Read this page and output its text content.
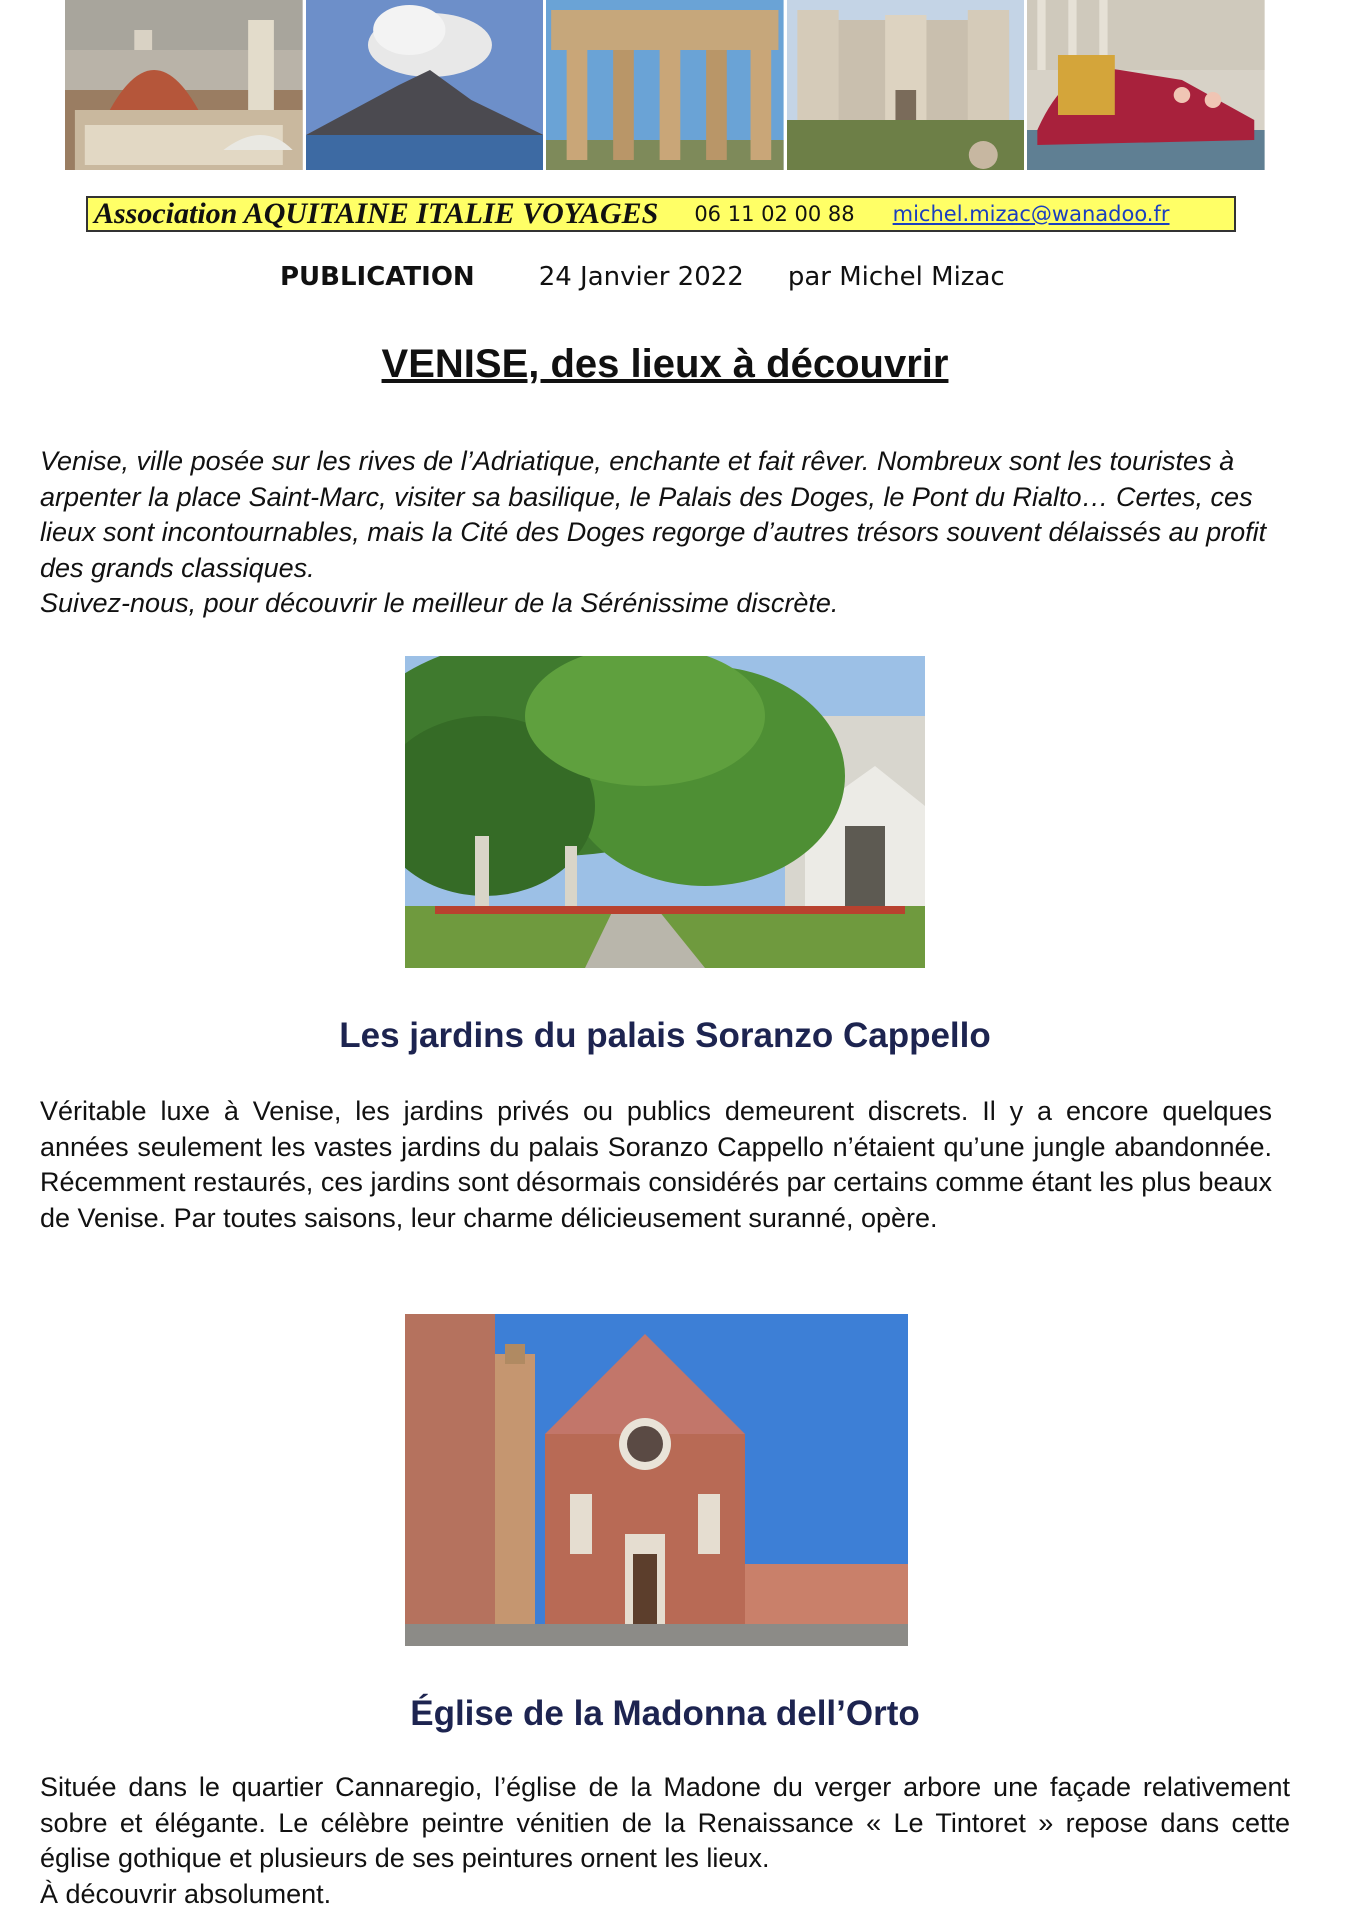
Association AQUITAINE ITALIE VOYAGES 06 11 02 00 88 michel.mizac@wanadoo.fr
PUBLICATION 24 Janvier 2022 par Michel Mizac
VENISE, des lieux à découvrir

Venise, ville posée sur les rives de l’Adriatique, enchante et fait rêver. Nombreux sont les touristes à arpenter la place Saint-Marc, visiter sa basilique, le Palais des Doges, le Pont du Rialto… Certes, ces lieux sont incontournables, mais la Cité des Doges regorge d’autres trésors souvent délaissés au profit des grands classiques.

Suivez-nous, pour découvrir le meilleur de la Sérénissime discrète.

Les jardins du palais Soranzo Cappello

Véritable luxe à Venise, les jardins privés ou publics demeurent discrets. Il y a encore quelques années seulement les vastes jardins du palais Soranzo Cappello n’étaient qu’une jungle abandonnée. Récemment restaurés, ces jardins sont désormais considérés par certains comme étant les plus beaux de Venise. Par toutes saisons, leur charme délicieusement suranné, opère.

Église de la Madonna dell’Orto

Située dans le quartier Cannaregio, l’église de la Madone du verger arbore une façade relativement sobre et élégante. Le célèbre peintre vénitien de la Renaissance « Le Tintoret » repose dans cette église gothique et plusieurs de ses peintures ornent les lieux.

À découvrir absolument.
